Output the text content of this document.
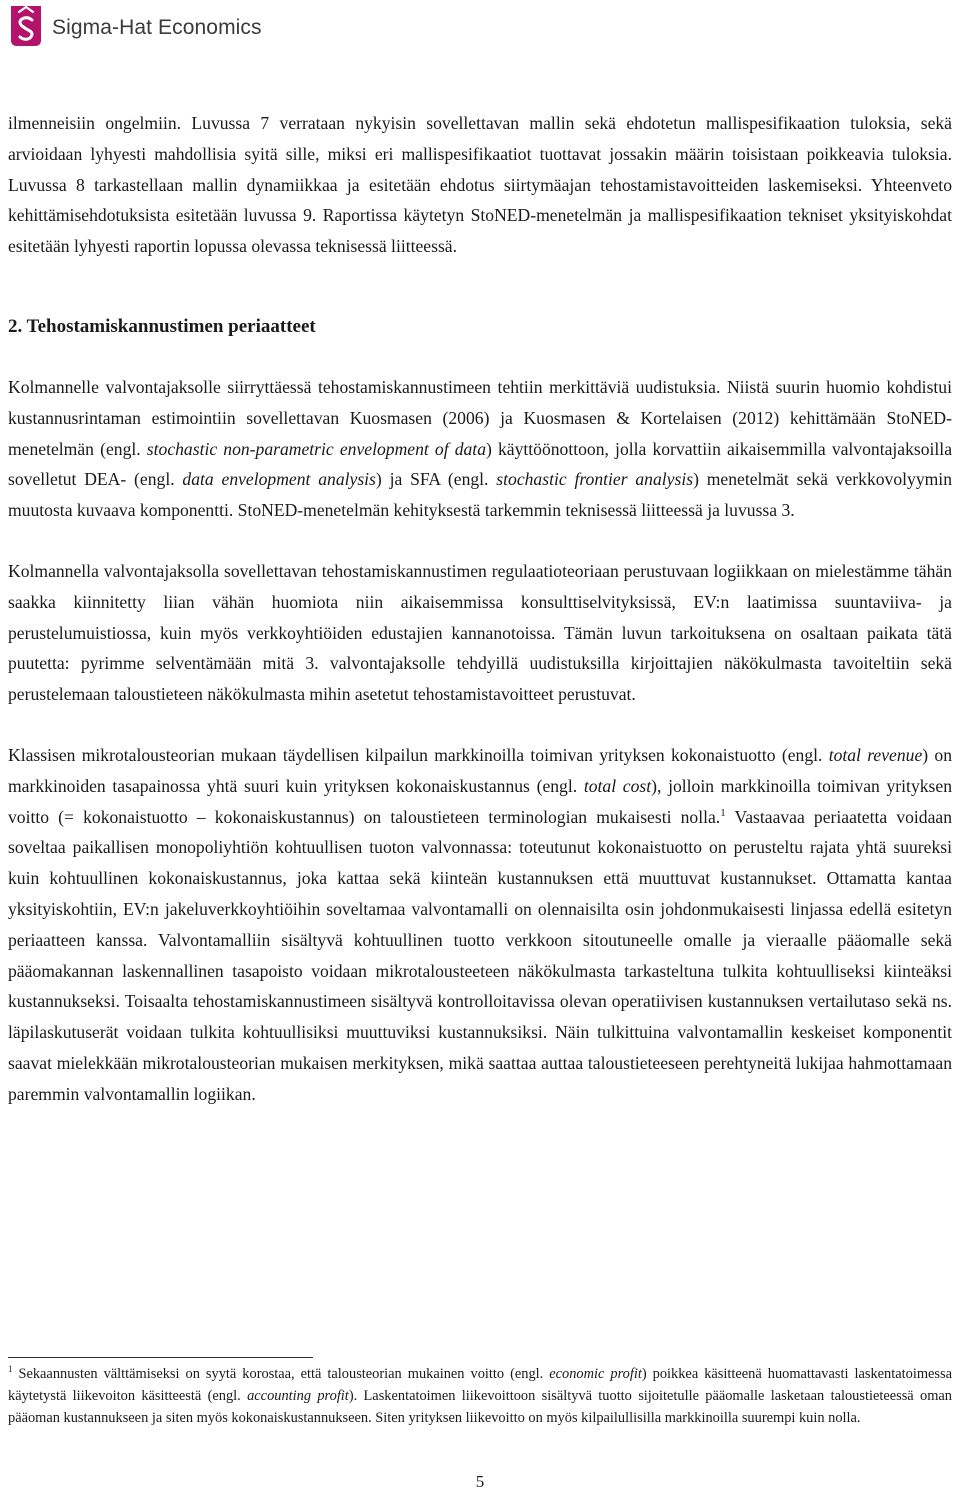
Sigma-Hat Economics

ilmenneisiin ongelmiin. Luvussa 7 verrataan nykyisin sovellettavan mallin sekä ehdotetun mallispesifikaation tuloksia, sekä arvioidaan lyhyesti mahdollisia syitä sille, miksi eri mallispesifikaatiot tuottavat jossakin määrin toisistaan poikkeavia tuloksia. Luvussa 8 tarkastellaan mallin dynamiikkaa ja esitetään ehdotus siirtymäajan tehostamistavoitteiden laskemiseksi. Yhteenveto kehittämisehdotuksista esitetään luvussa 9. Raportissa käytetyn StoNED-menetelmän ja mallispesifikaation tekniset yksityiskohdat esitetään lyhyesti raportin lopussa olevassa teknisessä liitteessä.

2. Tehostamiskannustimen periaatteet

Kolmannelle valvontajaksolle siirryttäessä tehostamiskannustimeen tehtiin merkittäviä uudistuksia. Niistä suurin huomio kohdistui kustannusrintaman estimointiin sovellettavan Kuosmasen (2006) ja Kuosmasen & Kortelaisen (2012) kehittämään StoNED-menetelmän (engl. stochastic non-parametric envelopment of data) käyttöönottoon, jolla korvattiin aikaisemmilla valvontajaksoilla sovelletut DEA- (engl. data envelopment analysis) ja SFA (engl. stochastic frontier analysis) menetelmät sekä verkkovolyymin muutosta kuvaava komponentti. StoNED-menetelmän kehityksestä tarkemmin teknisessä liitteessä ja luvussa 3.

Kolmannella valvontajaksolla sovellettavan tehostamiskannustimen regulaatioteoriaan perustuvaan logiikkaan on mielestämme tähän saakka kiinnitetty liian vähän huomiota niin aikaisemmissa konsulttiselvityksissä, EV:n laatimissa suuntaviiva- ja perustelumuistiossa, kuin myös verkkoyhtiöiden edustajien kannanotoissa. Tämän luvun tarkoituksena on osaltaan paikata tätä puutetta: pyrimme selventämään mitä 3. valvontajaksolle tehdyillä uudistuksilla kirjoittajien näkökulmasta tavoiteltiin sekä perustelemaan taloustieteen näkökulmasta mihin asetetut tehostamistavoitteet perustuvat.

Klassisen mikrotalousteorian mukaan täydellisen kilpailun markkinoilla toimivan yrityksen kokonaistuotto (engl. total revenue) on markkinoiden tasapainossa yhtä suuri kuin yrityksen kokonaiskustannus (engl. total cost), jolloin markkinoilla toimivan yrityksen voitto (= kokonaistuotto – kokonaiskustannus) on taloustieteen terminologian mukaisesti nolla.$^1$ Vastaavaa periaatetta voidaan soveltaa paikallisen monopoliyhtiön kohtuullisen tuoton valvonnassa: toteutunut kokonaistuotto on perusteltu rajata yhtä suureksi kuin kohtuullinen kokonaiskustannus, joka kattaa sekä kiinteän kustannuksen että muuttuvat kustannukset. Ottamatta kantaa yksityiskohtiin, EV:n jakeluverkkoyhtiöihin soveltamaa valvontamalli on olennaisilta osin johdonmukaisesti linjassa edellä esitetyn periaatteen kanssa. Valvontamalliin sisältyvä kohtuullinen tuotto verkkoon sitoutuneelle omalle ja vieraalle pääomalle sekä pääomakannan laskennallinen tasapoisto voidaan mikrotalousteeteen näkökulmasta tarkasteltuna tulkita kohtuulliseksi kiinteäksi kustannukseksi. Toisaalta tehostamiskannustimeen sisältyvä kontrolloitavissa olevan operatiivisen kustannuksen vertailutaso sekä ns. läpilaskutuserät voidaan tulkita kohtuullisiksi muuttuviksi kustannuksiksi. Näin tulkittuina valvontamallin keskeiset komponentit saavat mielekkään mikrotalousteorian mukaisen merkityksen, mikä saattaa auttaa taloustieteeseen perehtyneitä lukijaa hahmottamaan paremmin valvontamallin logiikan.

$^1$ Sekaannusten välttämiseksi on syytä korostaa, että talousteorian mukainen voitto (engl. economic profit) poikkea käsitteenä huomattavasti laskentatoimessa käytetystä liikevoiton käsitteestä (engl. accounting profit). Laskentatoimen liikevoittoon sisältyvä tuotto sijoitetulle pääomalle lasketaan taloustieteessä oman pääoman kustannukseen ja siten myös kokonaiskustannukseen. Siten yrityksen liikevoitto on myös kilpailullisilla markkinoilla suurempi kuin nolla.

5
